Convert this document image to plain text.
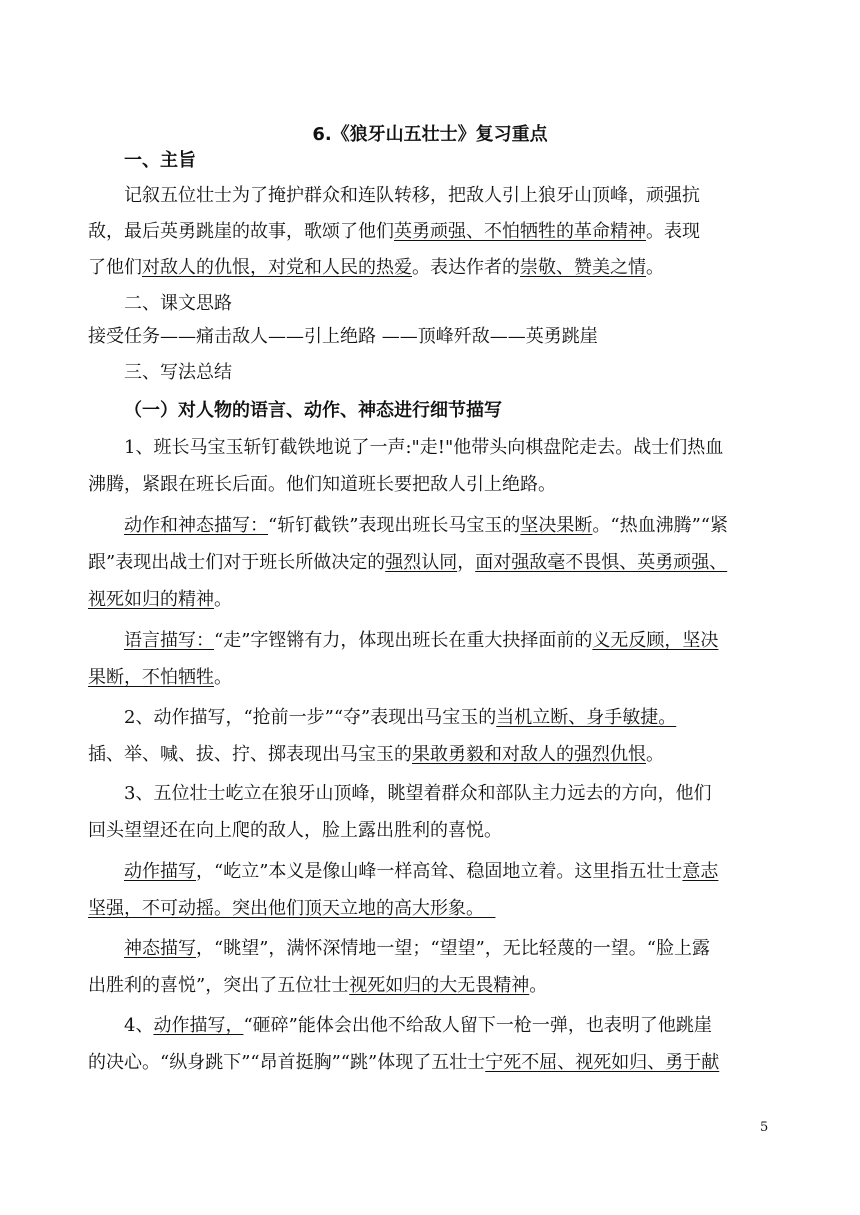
6.《狼牙山五壮士》复习重点
一、主旨
记叙五位壮士为了掩护群众和连队转移，把敌人引上狼牙山顶峰，顽强抗
敌，最后英勇跳崖的故事，歌颂了他们英勇顽强、不怕牺牲的革命精神。表现
了他们对敌人的仇恨，对党和人民的热爱。表达作者的崇敬、赞美之情。
二、课文思路
接受任务——痛击敌人——引上绝路 ——顶峰歼敌——英勇跳崖
三、写法总结
（一）对人物的语言、动作、神态进行细节描写
1、班长马宝玉斩钉截铁地说了一声:"走!"他带头向棋盘陀走去。战士们热血
沸腾，紧跟在班长后面。他们知道班长要把敌人引上绝路。
动作和神态描写：“斩钉截铁”表现出班长马宝玉的坚决果断。“热血沸腾”“紧
跟”表现出战士们对于班长所做决定的强烈认同，面对强敌毫不畏惧、英勇顽强、
视死如归的精神。
语言描写：“走”字铿锵有力，体现出班长在重大抉择面前的义无反顾，坚决
果断，不怕牺牲。
2、动作描写，“抢前一步”“夺”表现出马宝玉的当机立断、身手敏捷。
插、举、喊、拔、拧、掷表现出马宝玉的果敢勇毅和对敌人的强烈仇恨。
3、五位壮士屹立在狼牙山顶峰，眺望着群众和部队主力远去的方向，他们
回头望望还在向上爬的敌人，脸上露出胜利的喜悦。
动作描写，“屹立”本义是像山峰一样高耸、稳固地立着。这里指五壮士意志
坚强，不可动摇。突出他们顶天立地的高大形象。
神态描写，“眺望”，满怀深情地一望；“望望”，无比轻蔑的一望。“脸上露
出胜利的喜悦”，突出了五位壮士视死如归的大无畏精神。
4、动作描写，“砸碎”能体会出他不给敌人留下一枪一弹，也表明了他跳崖
的决心。“纵身跳下”“昂首挺胸”“跳”体现了五壮士宁死不屈、视死如归、勇于献
5
